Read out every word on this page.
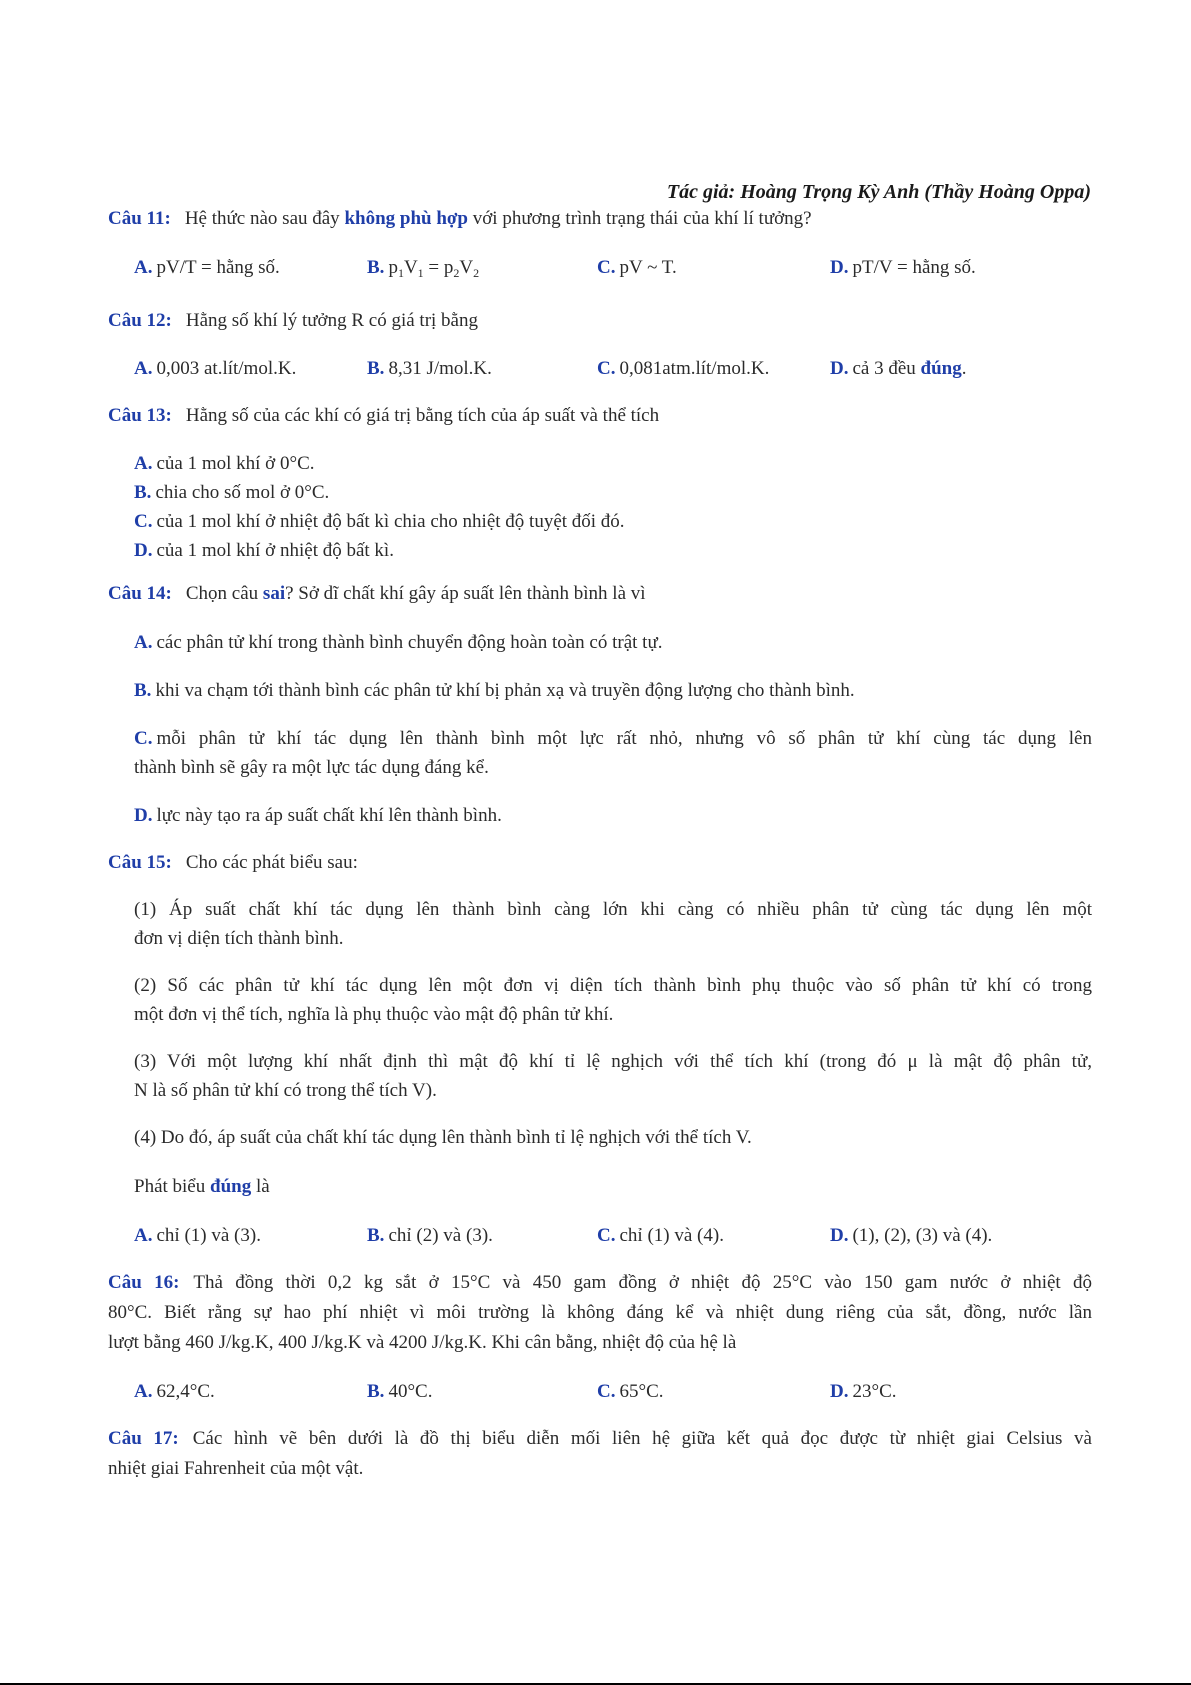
Tác giả: Hoàng Trọng Kỳ Anh (Thầy Hoàng Oppa)
Câu 11: Hệ thức nào sau đây không phù hợp với phương trình trạng thái của khí lí tưởng?
A. pV/T = hằng số.	B. $p_1V_1 = p_2V_2$	C. pV ~ T.	D. pT/V = hằng số.
Câu 12: Hằng số khí lý tưởng R có giá trị bằng
A. 0,003 at.lít/mol.K.	B. 8,31 J/mol.K.	C. 0,081atm.lít/mol.K.	D. cả 3 đều đúng.
Câu 13: Hằng số của các khí có giá trị bằng tích của áp suất và thể tích
A. của 1 mol khí ở 0°C.
B. chia cho số mol ở 0°C.
C. của 1 mol khí ở nhiệt độ bất kì chia cho nhiệt độ tuyệt đối đó.
D. của 1 mol khí ở nhiệt độ bất kì.
Câu 14: Chọn câu sai? Sở dĩ chất khí gây áp suất lên thành bình là vì
A. các phân tử khí trong thành bình chuyển động hoàn toàn có trật tự.
B. khi va chạm tới thành bình các phân tử khí bị phản xạ và truyền động lượng cho thành bình.
C. mỗi phân tử khí tác dụng lên thành bình một lực rất nhỏ, nhưng vô số phân tử khí cùng tác dụng lên
thành bình sẽ gây ra một lực tác dụng đáng kể.
D. lực này tạo ra áp suất chất khí lên thành bình.
Câu 15: Cho các phát biểu sau:
(1) Áp suất chất khí tác dụng lên thành bình càng lớn khi càng có nhiều phân tử cùng tác dụng lên một
đơn vị diện tích thành bình.
(2) Số các phân tử khí tác dụng lên một đơn vị diện tích thành bình phụ thuộc vào số phân tử khí có trong
một đơn vị thể tích, nghĩa là phụ thuộc vào mật độ phân tử khí.
(3) Với một lượng khí nhất định thì mật độ khí tỉ lệ nghịch với thể tích khí (trong đó μ là mật độ phân tử,
N là số phân tử khí có trong thể tích V).
(4) Do đó, áp suất của chất khí tác dụng lên thành bình tỉ lệ nghịch với thể tích V.
Phát biểu đúng là
A. chỉ (1) và (3).	B. chỉ (2) và (3).	C. chỉ (1) và (4).	D. (1), (2), (3) và (4).
Câu 16: Thả đồng thời 0,2 kg sắt ở 15°C và 450 gam đồng ở nhiệt độ 25°C vào 150 gam nước ở nhiệt độ
80°C. Biết rằng sự hao phí nhiệt vì môi trường là không đáng kể và nhiệt dung riêng của sắt, đồng, nước lần
lượt bằng 460 J/kg.K, 400 J/kg.K và 4200 J/kg.K. Khi cân bằng, nhiệt độ của hệ là
A. 62,4°C.	B. 40°C.	C. 65°C.	D. 23°C.
Câu 17: Các hình vẽ bên dưới là đồ thị biểu diễn mối liên hệ giữa kết quả đọc được từ nhiệt giai Celsius và
nhiệt giai Fahrenheit của một vật.
